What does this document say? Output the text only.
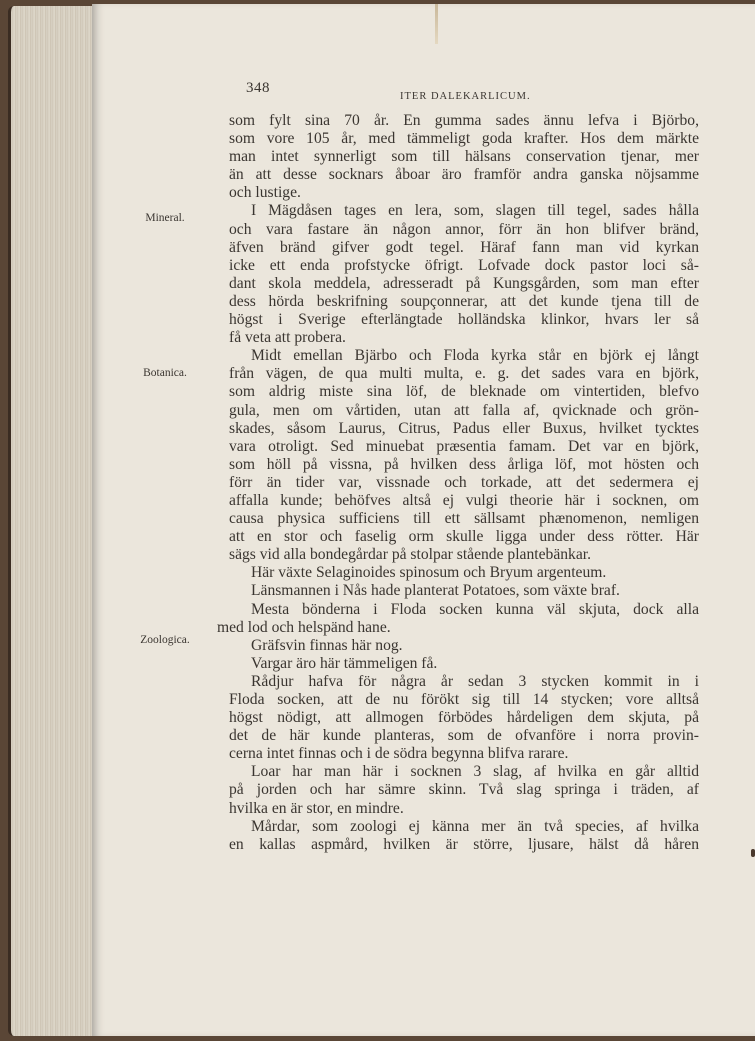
348
ITER DALEKARLICUM.
Mineral.
Botanica.
Zoologica.
som fylt sina 70 år. En gumma sades ännu lefva i Björbo,
som vore 105 år, med tämmeligt goda krafter. Hos dem märkte
man intet synnerligt som till hälsans conservation tjenar, mer
än att desse socknars åboar äro framför andra ganska nöjsamme
och lustige.
I Mägdåsen tages en lera, som, slagen till tegel, sades hålla
och vara fastare än någon annor, förr än hon blifver bränd,
äfven bränd gifver godt tegel. Häraf fann man vid kyrkan
icke ett enda profstycke öfrigt. Lofvade dock pastor loci så-
dant skola meddela, adresseradt på Kungsgården, som man efter
dess hörda beskrifning soupçonnerar, att det kunde tjena till de
högst i Sverige efterlängtade holländska klinkor, hvars ler så
få veta att probera.
Midt emellan Bjärbo och Floda kyrka står en björk ej långt
från vägen, de qua multi multa, e. g. det sades vara en björk,
som aldrig miste sina löf, de bleknade om vintertiden, blefvo
gula, men om vårtiden, utan att falla af, qvicknade och grön-
skades, såsom Laurus, Citrus, Padus eller Buxus, hvilket tycktes
vara otroligt. Sed minuebat præsentia famam. Det var en björk,
som höll på vissna, på hvilken dess årliga löf, mot hösten och
förr än tider var, vissnade och torkade, att det sedermera ej
affalla kunde; behöfves altså ej vulgi theorie här i socknen, om
causa physica sufficiens till ett sällsamt phænomenon, nemligen
att en stor och faselig orm skulle ligga under dess rötter. Här
sägs vid alla bondegårdar på stolpar stående plantebänkar.
Här växte Selaginoides spinosum och Bryum argenteum.
Länsmannen i Nås hade planterat Potatoes, som växte braf.
Mesta bönderna i Floda socken kunna väl skjuta, dock alla
med lod och helspänd hane.
Gräfsvin finnas här nog.
Vargar äro här tämmeligen få.
Rådjur hafva för några år sedan 3 stycken kommit in i
Floda socken, att de nu förökt sig till 14 stycken; vore alltså
högst nödigt, att allmogen förbödes hårdeligen dem skjuta, på
det de här kunde planteras, som de ofvanföre i norra provin-
cerna intet finnas och i de södra begynna blifva rarare.
Loar har man här i socknen 3 slag, af hvilka en går alltid
på jorden och har sämre skinn. Två slag springa i träden, af
hvilka en är stor, en mindre.
Mårdar, som zoologi ej känna mer än två species, af hvilka
en kallas aspmård, hvilken är större, ljusare, hälst då håren
